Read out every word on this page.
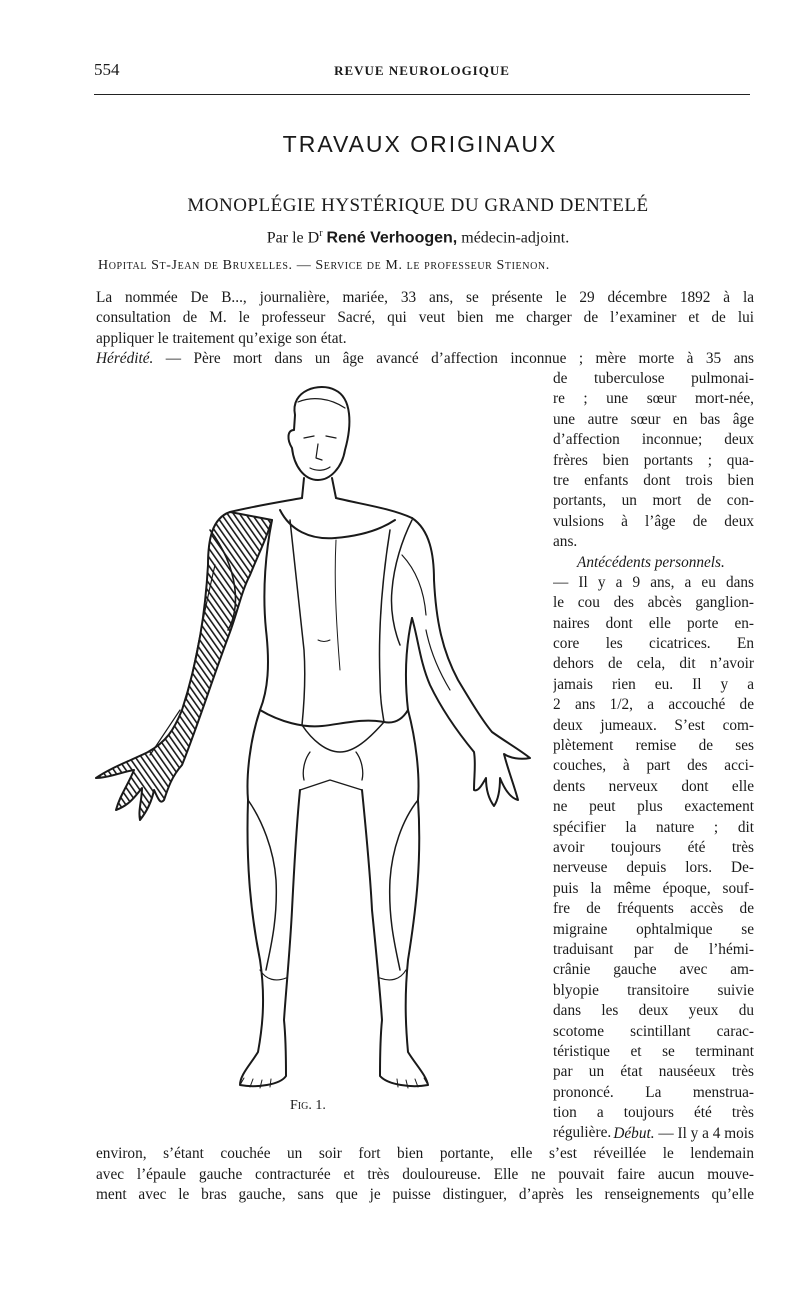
554	REVUE NEUROLOGIQUE
TRAVAUX ORIGINAUX
MONOPLÉGIE HYSTÉRIQUE DU GRAND DENTELÉ
Par le $D^r$ René Verhoogen, médecin-adjoint.
Hopital St-Jean de Bruxelles. — Service de M. le professeur Stienon.
La nommée De B..., journalière, mariée, 33 ans, se présente le 29 décembre 1892 à la
consultation de M. le professeur Sacré, qui veut bien me charger de l’examiner et de lui
appliquer le traitement qu’exige son état.
Hérédité. — Père mort dans un âge avancé d’affection inconnue ; mère morte à 35 ans
de tuberculose pulmonai-
re ; une sœur mort-née,
une autre sœur en bas âge
d’affection inconnue; deux
frères bien portants ; qua-
tre enfants dont trois bien
portants, un mort de con-
vulsions à l’âge de deux
ans.
Antécédents personnels.
— Il y a 9 ans, a eu dans
le cou des abcès ganglion-
naires dont elle porte en-
core les cicatrices. En
dehors de cela, dit n’avoir
jamais rien eu. Il y a
2 ans 1/2, a accouché de
deux jumeaux. S’est com-
plètement remise de ses
couches, à part des acci-
dents nerveux dont elle
ne peut plus exactement
spécifier la nature ; dit
avoir toujours été très
nerveuse depuis lors. De-
puis la même époque, souf-
fre de fréquents accès de
migraine ophtalmique se
traduisant par de l’hémi-
crânie gauche avec am-
blyopie transitoire suivie
dans les deux yeux du
scotome scintillant carac-
téristique et se terminant
par un état nauséeux très
prononcé. La menstrua-
tion a toujours été très
régulière.
Fig. 1.
Début. — Il y a 4 mois
environ, s’étant couchée un soir fort bien portante, elle s’est réveillée le lendemain
avec l’épaule gauche contracturée et très douloureuse. Elle ne pouvait faire aucun mouve-
ment avec le bras gauche, sans que je puisse distinguer, d’après les renseignements qu’elle
